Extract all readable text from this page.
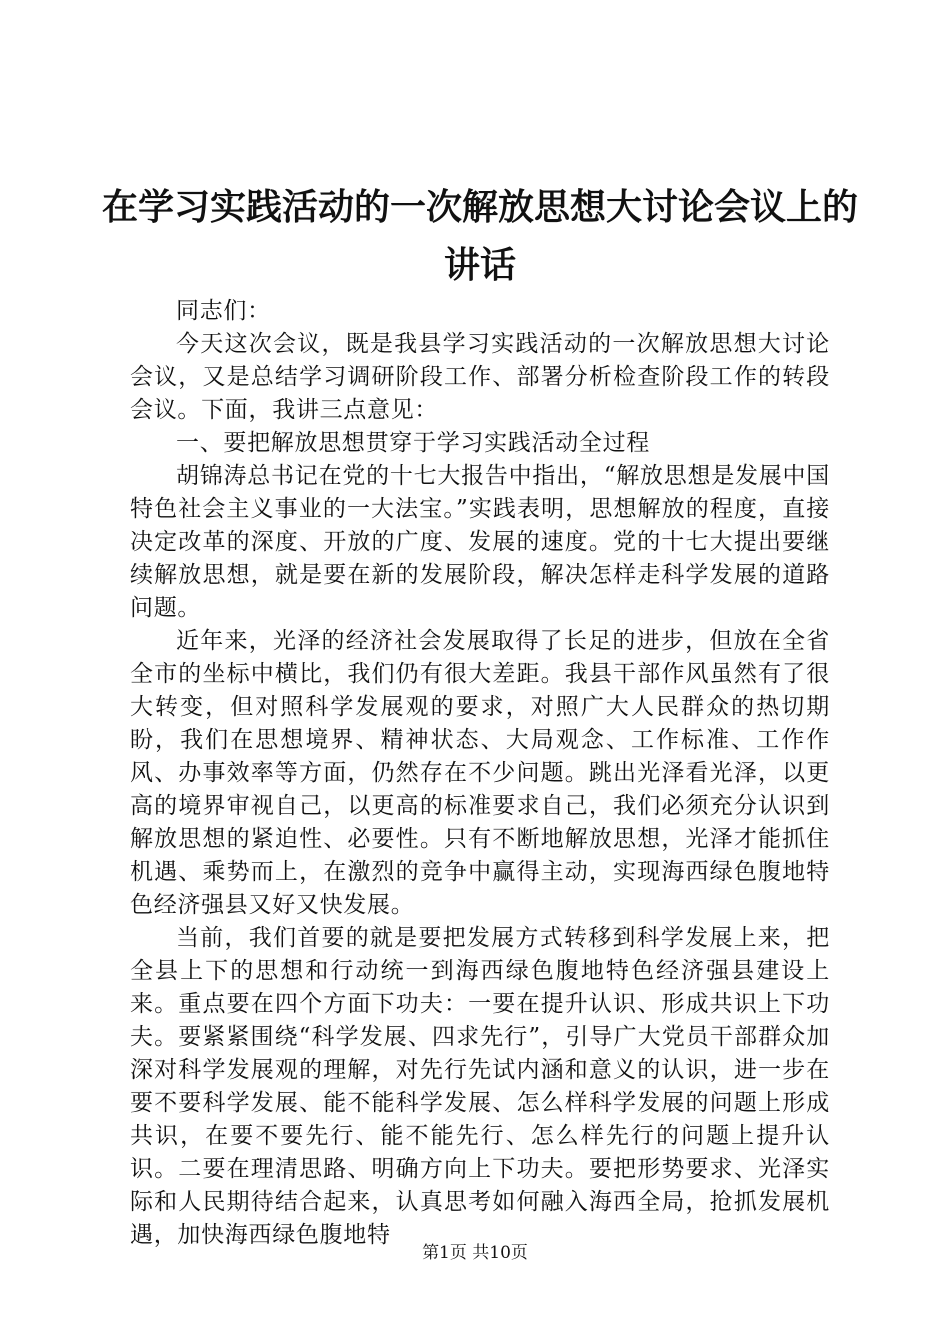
在学习实践活动的一次解放思想大讨论会议上的讲话

同志们：

今天这次会议，既是我县学习实践活动的一次解放思想大讨论会议，又是总结学习调研阶段工作、部署分析检查阶段工作的转段会议。下面，我讲三点意见：

一、要把解放思想贯穿于学习实践活动全过程

胡锦涛总书记在党的十七大报告中指出，“解放思想是发展中国特色社会主义事业的一大法宝。”实践表明，思想解放的程度，直接决定改革的深度、开放的广度、发展的速度。党的十七大提出要继续解放思想，就是要在新的发展阶段，解决怎样走科学发展的道路问题。

近年来，光泽的经济社会发展取得了长足的进步，但放在全省全市的坐标中横比，我们仍有很大差距。我县干部作风虽然有了很大转变，但对照科学发展观的要求，对照广大人民群众的热切期盼，我们在思想境界、精神状态、大局观念、工作标准、工作作风、办事效率等方面，仍然存在不少问题。跳出光泽看光泽，以更高的境界审视自己，以更高的标准要求自己，我们必须充分认识到解放思想的紧迫性、必要性。只有不断地解放思想，光泽才能抓住机遇、乘势而上，在激烈的竞争中赢得主动，实现海西绿色腹地特色经济强县又好又快发展。

当前，我们首要的就是要把发展方式转移到科学发展上来，把全县上下的思想和行动统一到海西绿色腹地特色经济强县建设上来。重点要在四个方面下功夫：一要在提升认识、形成共识上下功夫。要紧紧围绕“科学发展、四求先行”，引导广大党员干部群众加深对科学发展观的理解，对先行先试内涵和意义的认识，进一步在要不要科学发展、能不能科学发展、怎么样科学发展的问题上形成共识，在要不要先行、能不能先行、怎么样先行的问题上提升认识。二要在理清思路、明确方向上下功夫。要把形势要求、光泽实际和人民期待结合起来，认真思考如何融入海西全局，抢抓发展机遇，加快海西绿色腹地特

第1页 共10页
